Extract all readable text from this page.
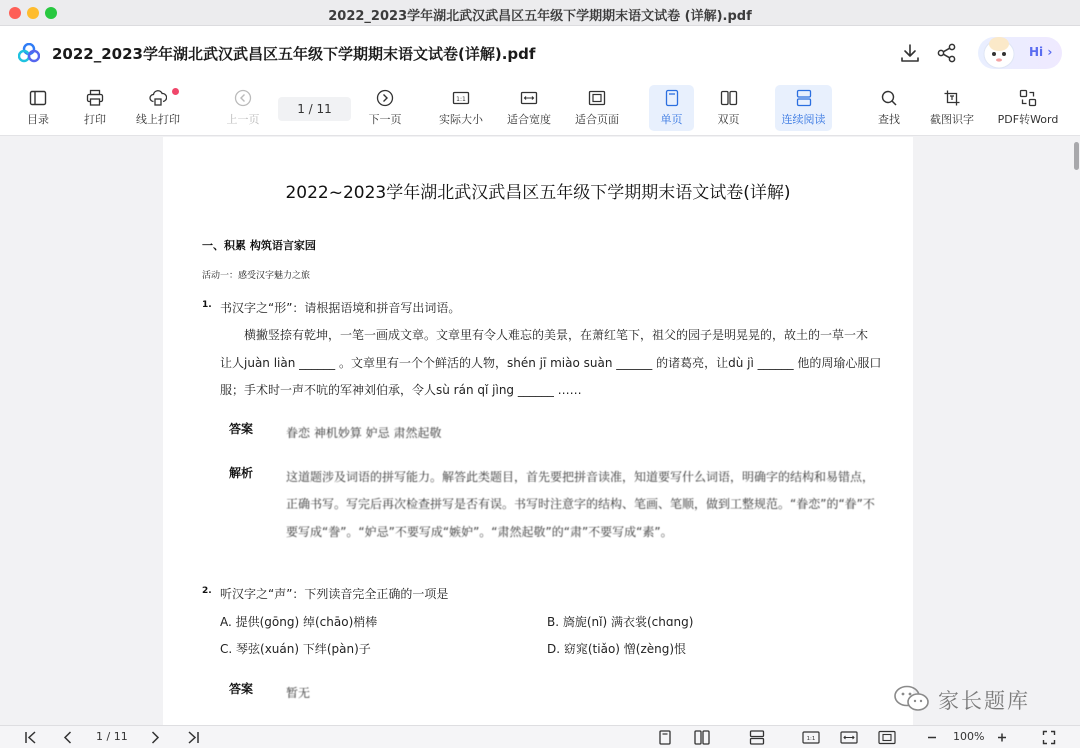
2022_2023学年湖北武汉武昌区五年级下学期期末语文试卷 (详解).pdf
2022_2023学年湖北武汉武昌区五年级下学期期末语文试卷(详解).pdf	Hi ›
目录	打印	线上打印	上一页	下一页
1:1
实际大小	适合宽度	适合页面	单页	双页	连续阅读	查找	截图识字	PDF转Word
1 / 11
2022~2023学年湖北武汉武昌区五年级下学期期末语文试卷(详解)
一、积累 构筑语言家园
活动一：感受汉字魅力之旅
1. 书汉字之“形”：请根据语境和拼音写出词语。
横撇竖捺有乾坤，一笔一画成文章。文章里有令人难忘的美景，在萧红笔下，祖父的园子是明晃晃的，故土的一草一木
让人juàn liàn ______ 。文章里有一个个鲜活的人物，shén jī miào suàn ______ 的诸葛亮，让dù jì ______ 他的周瑜心服口
服；手术时一声不吭的军神刘伯承，令人sù rán qǐ jìng ______ ……
答案	眷恋 神机妙算 妒忌 肃然起敬
解析	这道题涉及词语的拼写能力。解答此类题目，首先要把拼音读准，知道要写什么词语，明确字的结构和易错点，
正确书写。写完后再次检查拼写是否有误。书写时注意字的结构、笔画、笔顺，做到工整规范。“眷恋”的“眷”不
要写成“誊”。“妒忌”不要写成“嫉妒”。“肃然起敬”的“肃”不要写成“素”。
2. 听汉字之“声”：下列读音完全正确的一项是
A. 提供(gōng) 绰(chāo)梢棒	B. 旖旎(nǐ) 满衣裳(chɑng)
C. 琴弦(xuán) 下绊(pàn)子	D. 窈窕(tiǎo) 憎(zèng)恨
答案	暂无	家长题库
1 / 11	1:1	100%
